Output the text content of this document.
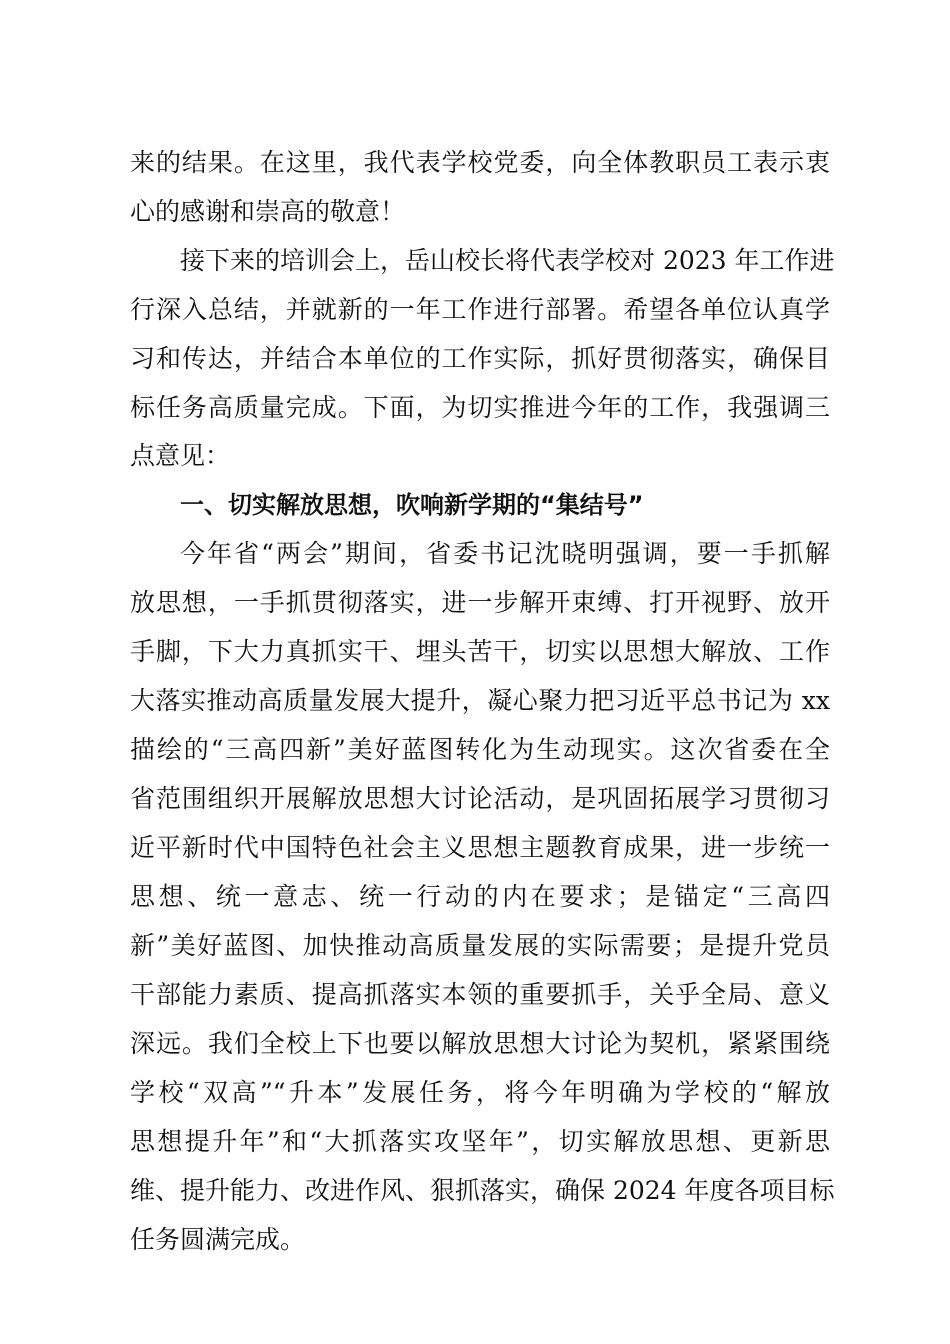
来的结果。在这里，我代表学校党委，向全体教职员工表示衷
心的感谢和崇高的敬意！
接下来的培训会上，岳山校长将代表学校对 2023 年工作进
行深入总结，并就新的一年工作进行部署。希望各单位认真学
习和传达，并结合本单位的工作实际，抓好贯彻落实，确保目
标任务高质量完成。下面，为切实推进今年的工作，我强调三
点意见：
一、切实解放思想，吹响新学期的“集结号”
今年省“两会”期间，省委书记沈晓明强调，要一手抓解
放思想，一手抓贯彻落实，进一步解开束缚、打开视野、放开
手脚，下大力真抓实干、埋头苦干，切实以思想大解放、工作
大落实推动高质量发展大提升，凝心聚力把习近平总书记为 xx
描绘的“三高四新”美好蓝图转化为生动现实。这次省委在全
省范围组织开展解放思想大讨论活动，是巩固拓展学习贯彻习
近平新时代中国特色社会主义思想主题教育成果，进一步统一
思想、统一意志、统一行动的内在要求；是锚定“三高四
新”美好蓝图、加快推动高质量发展的实际需要；是提升党员
干部能力素质、提高抓落实本领的重要抓手，关乎全局、意义
深远。我们全校上下也要以解放思想大讨论为契机，紧紧围绕
学校“双高”“升本”发展任务，将今年明确为学校的“解放
思想提升年”和“大抓落实攻坚年”，切实解放思想、更新思
维、提升能力、改进作风、狠抓落实，确保 2024 年度各项目标
任务圆满完成。
